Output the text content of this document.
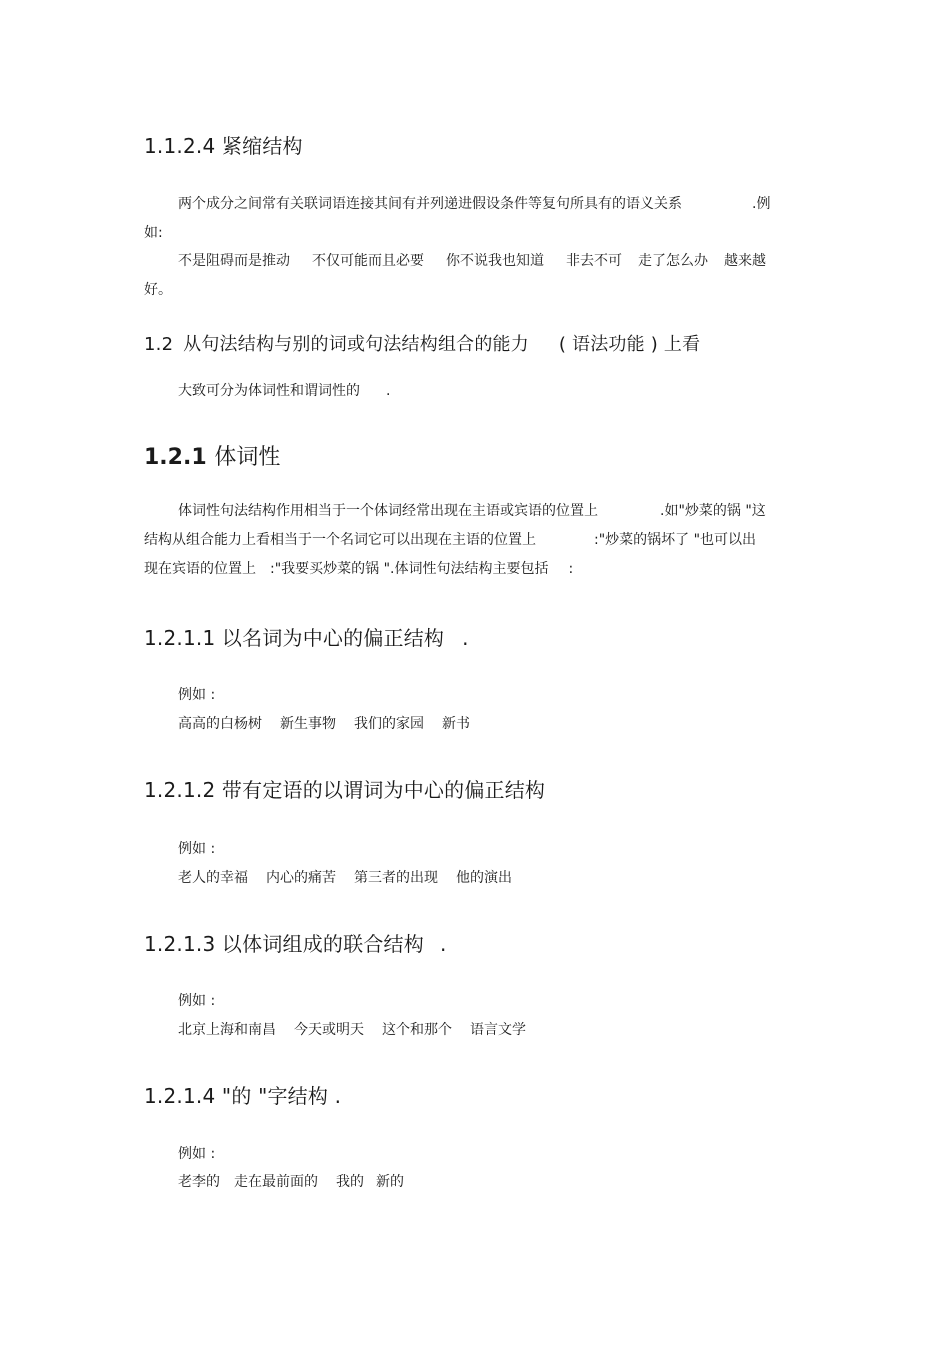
1.1.2.4 紧缩结构
两个成分之间常有关联词语连接其间有并列递进假设条件等复句所具有的语义关系	.例
如:
不是阻碍而是推动 不仅可能而且必要 你不说我也知道 非去不可 走了怎么办 越来越
好。
1.2 从句法结构与别的词或句法结构组合的能力 ( 语法功能 ) 上看
大致可分为体词性和谓词性的 .
1.2.1 体词性
体词性句法结构作用相当于一个体词经常出现在主语或宾语的位置上	.如"炒菜的锅 "这
结构从组合能力上看相当于一个名词它可以出现在主语的位置上	:"炒菜的锅坏了 "也可以出
现在宾语的位置上 :"我要买炒菜的锅 ".体词性句法结构主要包括 :
1.2.1.1 以名词为中心的偏正结构 .

例如 :

高高的白杨树 新生事物 我们的家园 新书

1.2.1.2 带有定语的以谓词为中心的偏正结构

例如 :

老人的幸福 内心的痛苦 第三者的出现 他的演出

1.2.1.3 以体词组成的联合结构 .

例如 :

北京上海和南昌 今天或明天 这个和那个 语言文学

1.2.1.4 "的 "字结构 .

例如 :

老李的 走在最前面的 我的 新的
